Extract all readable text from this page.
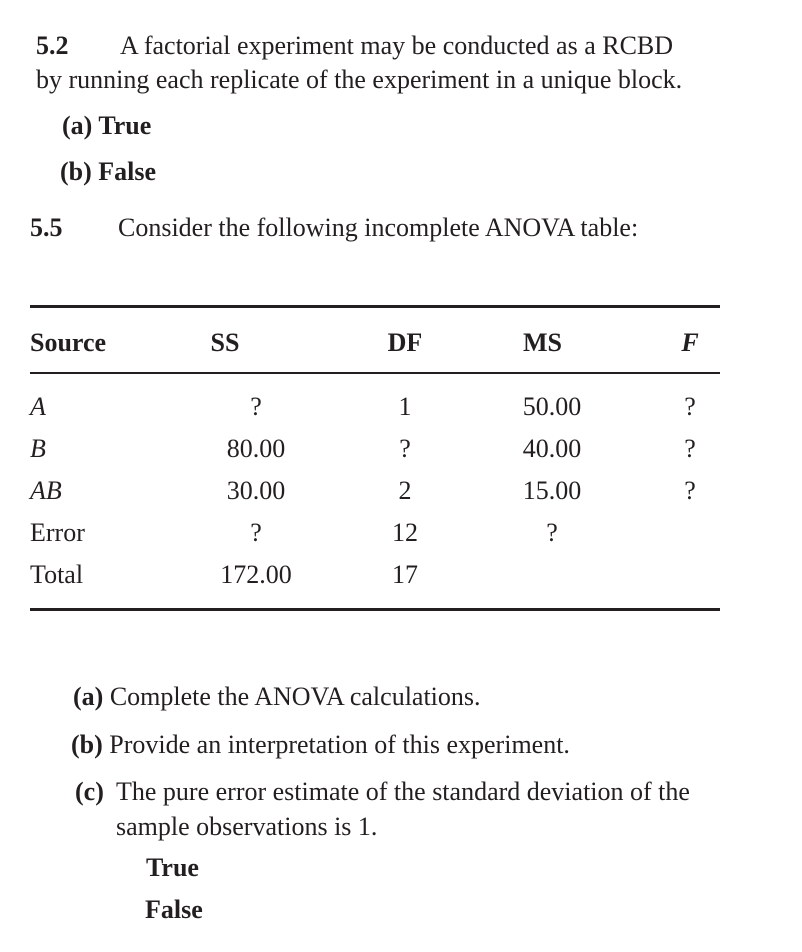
5.2 A factorial experiment may be conducted as a RCBD
by running each replicate of the experiment in a unique block.
(a) True
(b) False
5.5 Consider the following incomplete ANOVA table:
Source	SS	DF	MS	F
A	?	1	50.00	?
B	80.00	?	40.00	?
AB	30.00	2	15.00	?
Error	?	12	?
Total	172.00	17
(a) Complete the ANOVA calculations.
(b) Provide an interpretation of this experiment.
(c) The pure error estimate of the standard deviation of the
sample observations is 1.
True
False
